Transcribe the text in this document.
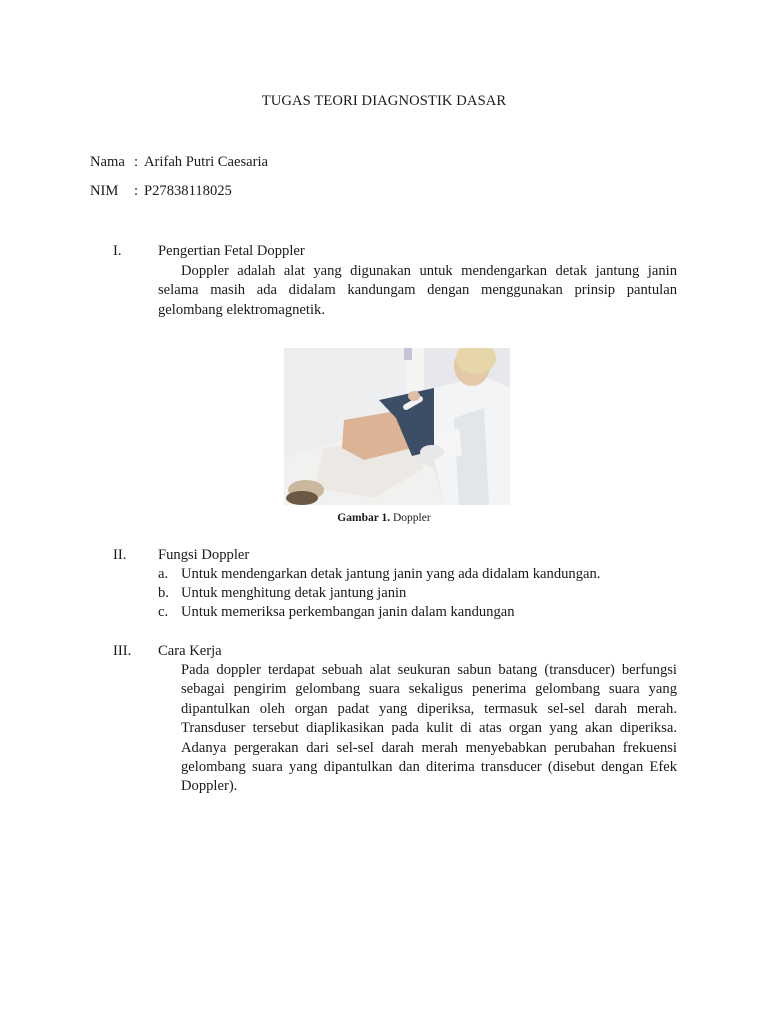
TUGAS TEORI DIAGNOSTIK DASAR
Nama : Arifah Putri Caesaria
NIM : P27838118025
I. Pengertian Fetal Doppler
Doppler adalah alat yang digunakan untuk mendengarkan detak jantung janin selama masih ada didalam kandungam dengan menggunakan prinsip pantulan gelombang elektromagnetik.
Gambar 1. Doppler
II. Fungsi Doppler
a. Untuk mendengarkan detak jantung janin yang ada didalam kandungan.
b. Untuk menghitung detak jantung janin
c. Untuk memeriksa perkembangan janin dalam kandungan
III. Cara Kerja
Pada doppler terdapat sebuah alat seukuran sabun batang (transducer) berfungsi sebagai pengirim gelombang suara sekaligus penerima gelombang suara yang dipantulkan oleh organ padat yang diperiksa, termasuk sel-sel darah merah. Transduser tersebut diaplikasikan pada kulit di atas organ yang akan diperiksa. Adanya pergerakan dari sel-sel darah merah menyebabkan perubahan frekuensi gelombang suara yang dipantulkan dan diterima transducer (disebut dengan Efek Doppler).
